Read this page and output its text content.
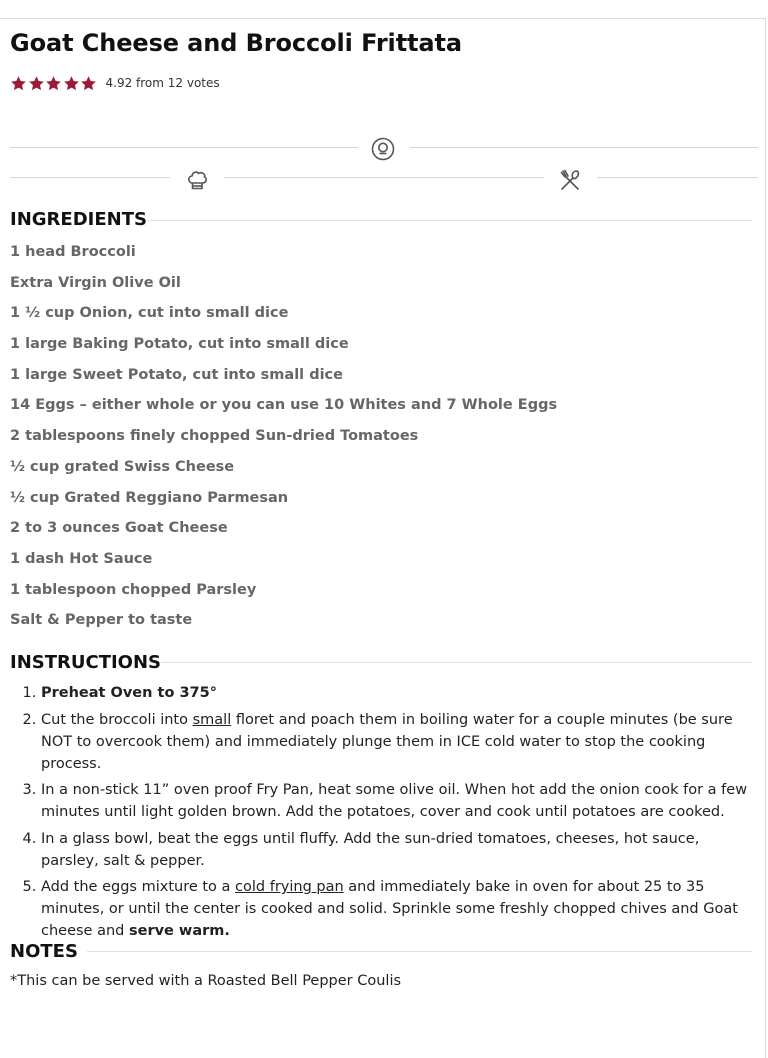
Goat Cheese and Broccoli Frittata
4.92 from 12 votes
INGREDIENTS
1 head Broccoli
Extra Virgin Olive Oil
1 ½ cup Onion, cut into small dice
1 large Baking Potato, cut into small dice
1 large Sweet Potato, cut into small dice
14 Eggs – either whole or you can use 10 Whites and 7 Whole Eggs
2 tablespoons finely chopped Sun-dried Tomatoes
½ cup grated Swiss Cheese
½ cup Grated Reggiano Parmesan
2 to 3 ounces Goat Cheese
1 dash Hot Sauce
1 tablespoon chopped Parsley
Salt & Pepper to taste
INSTRUCTIONS
1. Preheat Oven to 375°
2. Cut the broccoli into small floret and poach them in boiling water for a couple minutes (be sure NOT to overcook them) and immediately plunge them in ICE cold water to stop the cooking process.
3. In a non-stick 11” oven proof Fry Pan, heat some olive oil. When hot add the onion cook for a few minutes until light golden brown. Add the potatoes, cover and cook until potatoes are cooked.
4. In a glass bowl, beat the eggs until fluffy. Add the sun-dried tomatoes, cheeses, hot sauce, parsley, salt & pepper.
5. Add the eggs mixture to a cold frying pan and immediately bake in oven for about 25 to 35 minutes, or until the center is cooked and solid. Sprinkle some freshly chopped chives and Goat cheese and serve warm.
NOTES
*This can be served with a Roasted Bell Pepper Coulis
